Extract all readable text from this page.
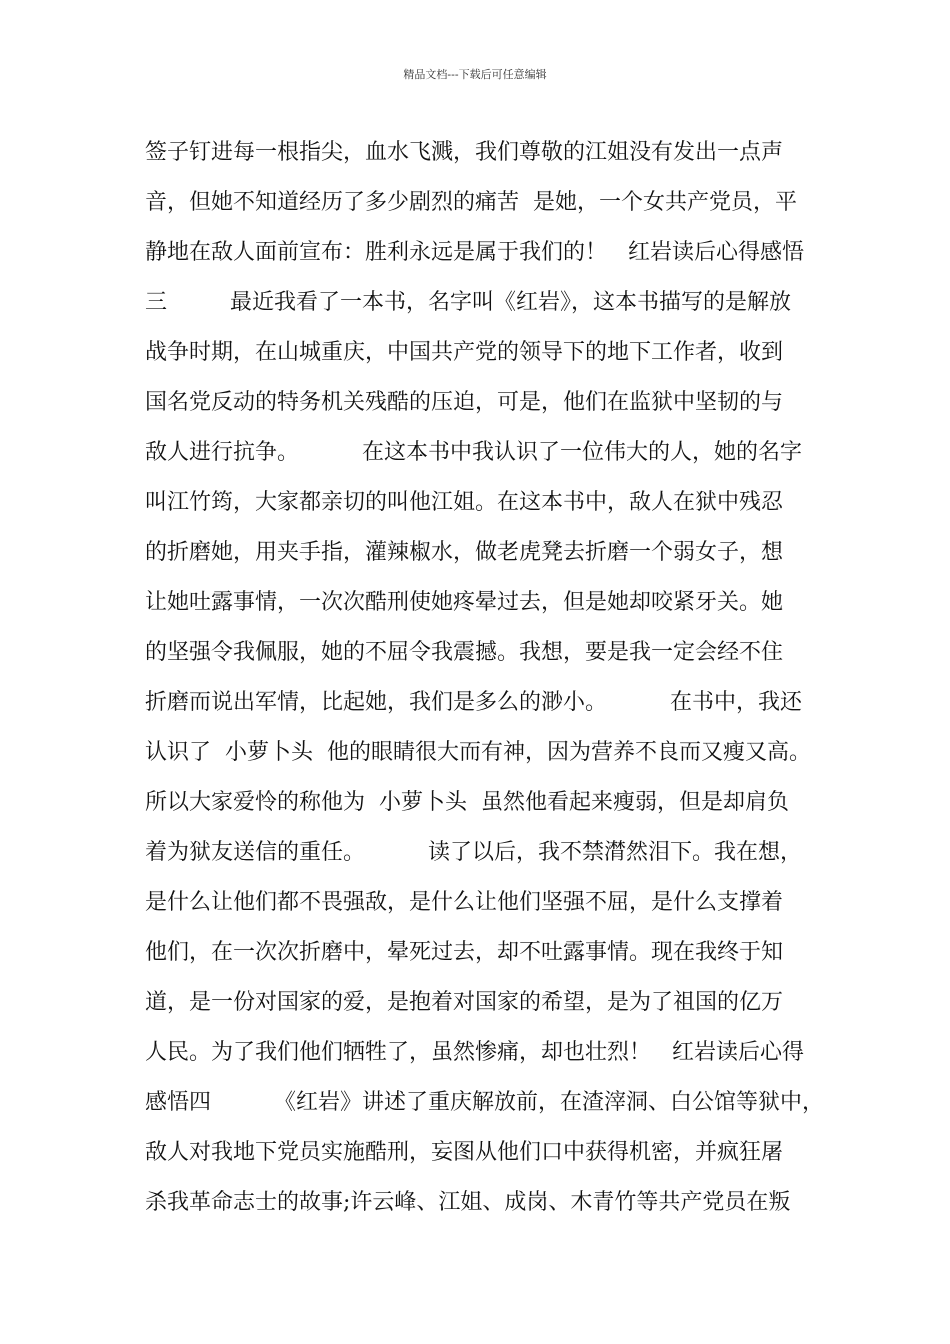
精品文档---下载后可任意编辑
签子钉进每一根指尖，血水飞溅，我们尊敬的江姐没有发出一点声
音，但她不知道经历了多少剧烈的痛苦  是她，一个女共产党员，平
静地在敌人面前宣布：胜利永远是属于我们的！   红岩读后心得感悟
三         最近我看了一本书，名字叫《红岩》，这本书描写的是解放
战争时期，在山城重庆，中国共产党的领导下的地下工作者，收到
国名党反动的特务机关残酷的压迫，可是，他们在监狱中坚韧的与
敌人进行抗争。         在这本书中我认识了一位伟大的人，她的名字
叫江竹筠，大家都亲切的叫他江姐。在这本书中，敌人在狱中残忍
的折磨她，用夹手指，灌辣椒水，做老虎凳去折磨一个弱女子，想
让她吐露事情，一次次酷刑使她疼晕过去，但是她却咬紧牙关。她
的坚强令我佩服，她的不屈令我震撼。我想，要是我一定会经不住
折磨而说出军情，比起她，我们是多么的渺小。         在书中，我还
认识了  小萝卜头  他的眼睛很大而有神，因为营养不良而又瘦又高。
所以大家爱怜的称他为  小萝卜头  虽然他看起来瘦弱，但是却肩负
着为狱友送信的重任。         读了以后，我不禁潸然泪下。我在想，
是什么让他们都不畏强敌，是什么让他们坚强不屈，是什么支撑着
他们，在一次次折磨中，晕死过去，却不吐露事情。现在我终于知
道，是一份对国家的爱，是抱着对国家的希望，是为了祖国的亿万
人民。为了我们他们牺牲了，虽然惨痛，却也壮烈！   红岩读后心得
感悟四         《红岩》讲述了重庆解放前，在渣滓洞、白公馆等狱中，
敌人对我地下党员实施酷刑，妄图从他们口中获得机密，并疯狂屠
杀我革命志士的故事;许云峰、江姐、成岗、木青竹等共产党员在叛
